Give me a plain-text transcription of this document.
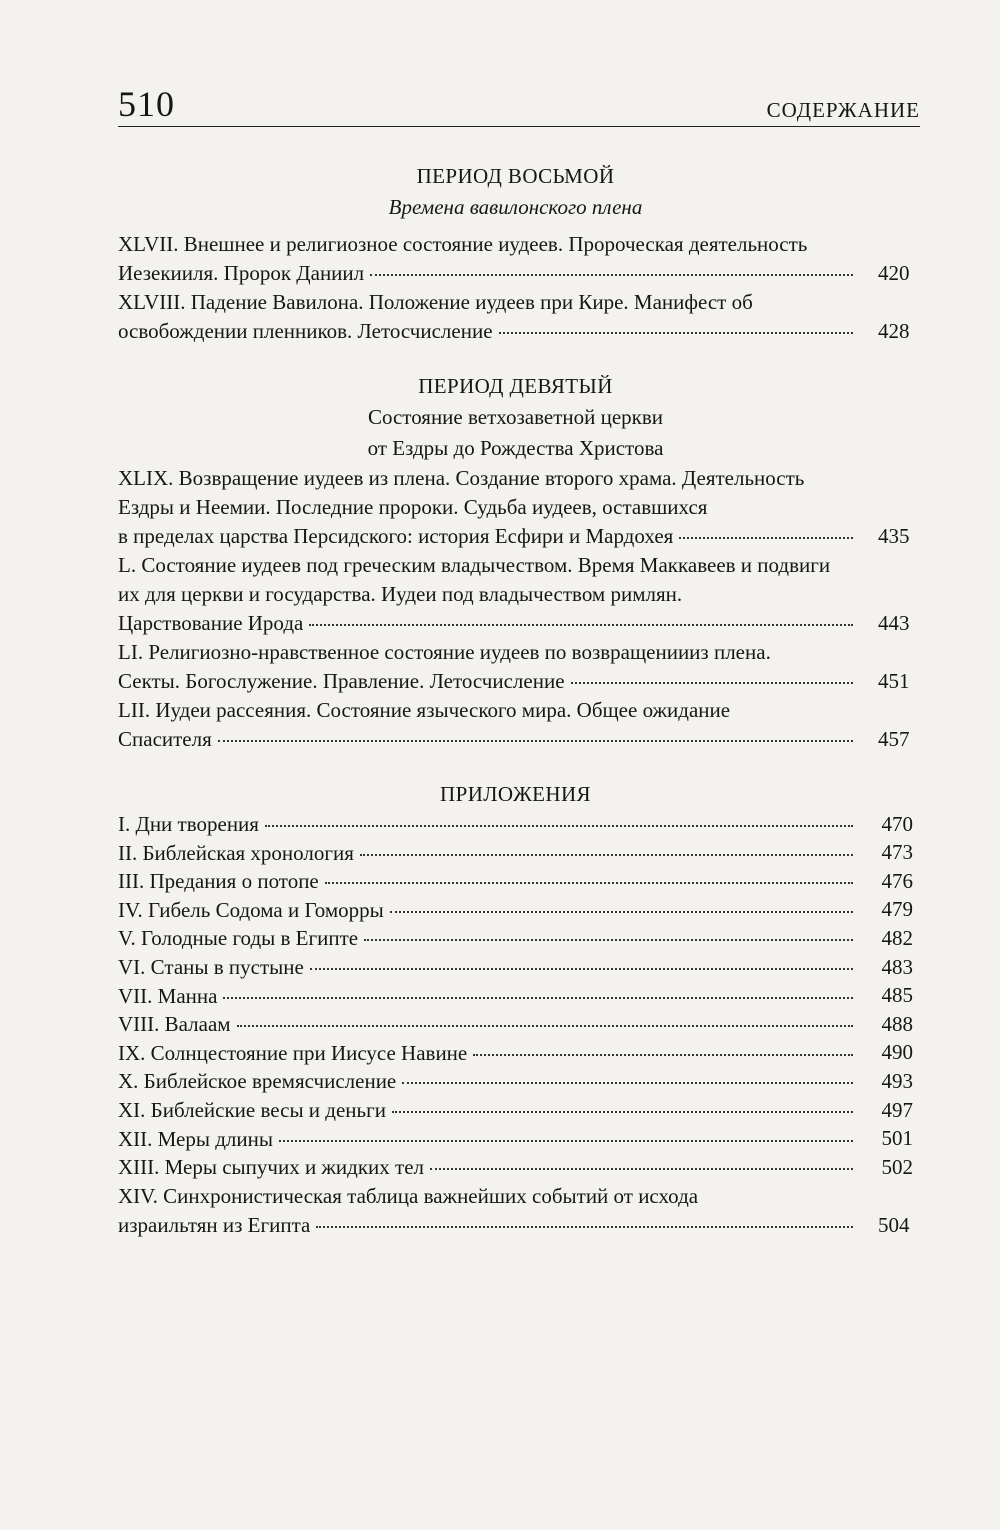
510	СОДЕРЖАНИЕ

ПЕРИОД ВОСЬМОЙ

Времена вавилонского плена

XLVII. Внешнее и религиозное состояние иудеев. Пророческая деятельность
Иезекииля. Пророк Даниил	420
XLVIII. Падение Вавилона. Положение иудеев при Кире. Манифест об
освобождении пленников. Летосчисление	428

ПЕРИОД ДЕВЯТЫЙ

Состояние ветхозаветной церкви

от Ездры до Рождества Христова

XLIX. Возвращение иудеев из плена. Создание второго храма. Деятельность
Ездры и Неемии. Последние пророки. Судьба иудеев, оставшихся
в пределах царства Персидского: история Есфири и Мардохея	435
L. Состояние иудеев под греческим владычеством. Время Маккавеев и подвиги
их для церкви и государства. Иудеи под владычеством римлян.
Царствование Ирода	443
LI. Религиозно-нравственное состояние иудеев по возвращениииз плена.
Секты. Богослужение. Правление. Летосчисление	451
LII. Иудеи рассеяния. Состояние языческого мира. Общее ожидание
Спасителя	457

ПРИЛОЖЕНИЯ

I. Дни творения	470
II. Библейская хронология	473
III. Предания о потопе	476
IV. Гибель Содома и Гоморры	479
V. Голодные годы в Египте	482
VI. Станы в пустыне	483
VII. Манна	485
VIII. Валаам	488
IX. Солнцестояние при Иисусе Навине	490
X. Библейское времясчисление	493
XI. Библейские весы и деньги	497
XII. Меры длины	501
XIII. Меры сыпучих и жидких тел	502
XIV. Синхронистическая таблица важнейших событий от исхода
израильтян из Египта	504
